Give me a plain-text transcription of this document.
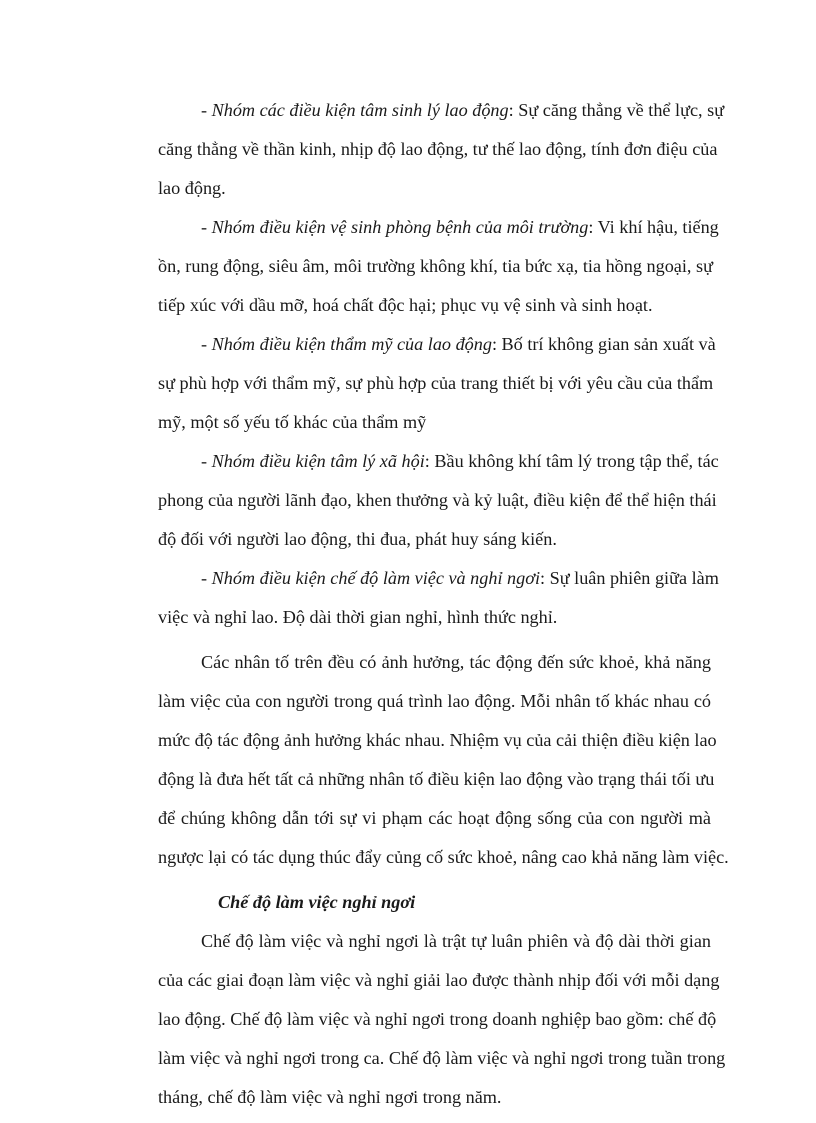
- Nhóm các điều kiện tâm sinh lý lao động: Sự căng thẳng về thể lực, sự
căng thẳng về thần kinh, nhịp độ lao động, tư thế lao động, tính đơn điệu của
lao động.
- Nhóm điều kiện vệ sinh phòng bệnh của môi trường: Vi khí hậu, tiếng
ồn, rung động, siêu âm, môi trường không khí, tia bức xạ, tia hồng ngoại, sự
tiếp xúc với dầu mỡ, hoá chất độc hại; phục vụ vệ sinh và sinh hoạt.
- Nhóm điều kiện thẩm mỹ của lao động: Bố trí không gian sản xuất và
sự phù hợp với thẩm mỹ, sự phù hợp của trang thiết bị với yêu cầu của thẩm
mỹ, một số yếu tố khác của thẩm mỹ
- Nhóm điều kiện tâm lý xã hội: Bầu không khí tâm lý trong tập thể, tác
phong của người lãnh đạo, khen thưởng và kỷ luật, điều kiện để thể hiện thái
độ đối với người lao động, thi đua, phát huy sáng kiến.
- Nhóm điều kiện chế độ làm việc và nghỉ ngơi: Sự luân phiên giữa làm
việc và nghỉ lao. Độ dài thời gian nghỉ, hình thức nghỉ.
Các nhân tố trên đều có ảnh hưởng, tác động đến sức khoẻ, khả năng
làm việc của con người trong quá trình lao động. Mỗi nhân tố khác nhau có
mức độ tác động ảnh hưởng khác nhau. Nhiệm vụ của cải thiện điều kiện lao
động là đưa hết tất cả những nhân tố điều kiện lao động vào trạng thái tối ưu
để chúng không dẫn tới sự vi phạm các hoạt động sống của con người mà
ngược lại có tác dụng thúc đẩy củng cố sức khoẻ, nâng cao khả năng làm việc.
Chế độ làm việc nghỉ ngơi
Chế độ làm việc và nghỉ ngơi là trật tự luân phiên và độ dài thời gian
của các giai đoạn làm việc và nghỉ giải lao được thành nhịp đối với mỗi dạng
lao động. Chế độ làm việc và nghỉ ngơi trong doanh nghiệp bao gồm: chế độ
làm việc và nghỉ ngơi trong ca. Chế độ làm việc và nghỉ ngơi trong tuần trong
tháng, chế độ làm việc và nghỉ ngơi trong năm.
